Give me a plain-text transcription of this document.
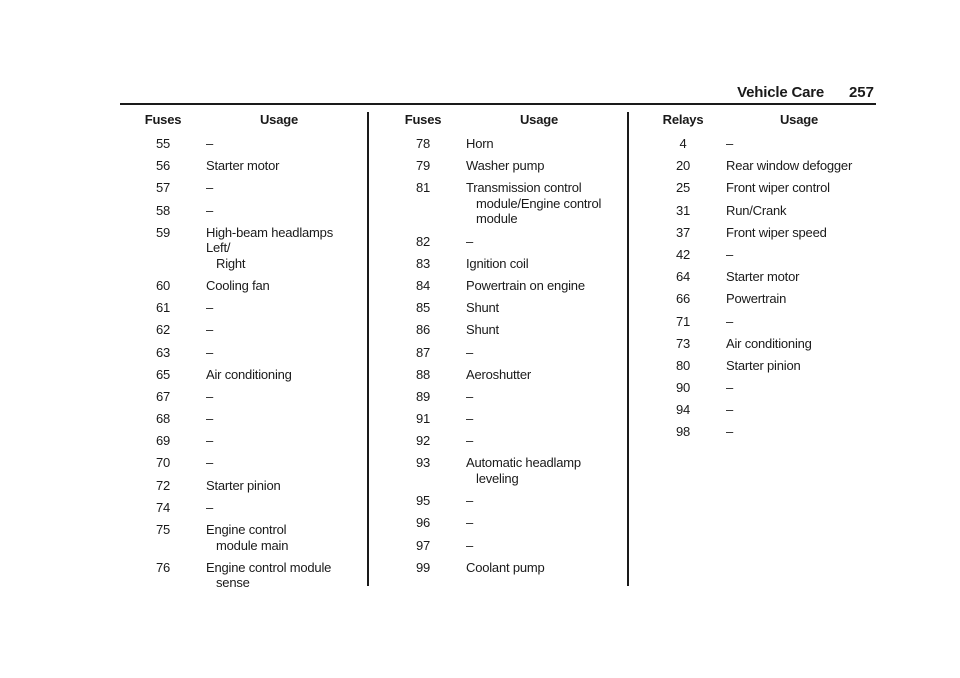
Vehicle Care 257
Fuses	Usage
55	–
56	Starter motor
57	–
58	–
59	High-beam headlamps Left/
Right
60	Cooling fan
61	–
62	–
63	–
65	Air conditioning
67	–
68	–
69	–
70	–
72	Starter pinion
74	–
75	Engine control
module main
76	Engine control module
sense
Fuses	Usage
78	Horn
79	Washer pump
81	Transmission control
module/Engine control
module
82	–
83	Ignition coil
84	Powertrain on engine
85	Shunt
86	Shunt
87	–
88	Aeroshutter
89	–
91	–
92	–
93	Automatic headlamp
leveling
95	–
96	–
97	–
99	Coolant pump
Relays	Usage
4	–
20	Rear window defogger
25	Front wiper control
31	Run/Crank
37	Front wiper speed
42	–
64	Starter motor
66	Powertrain
71	–
73	Air conditioning
80	Starter pinion
90	–
94	–
98	–
